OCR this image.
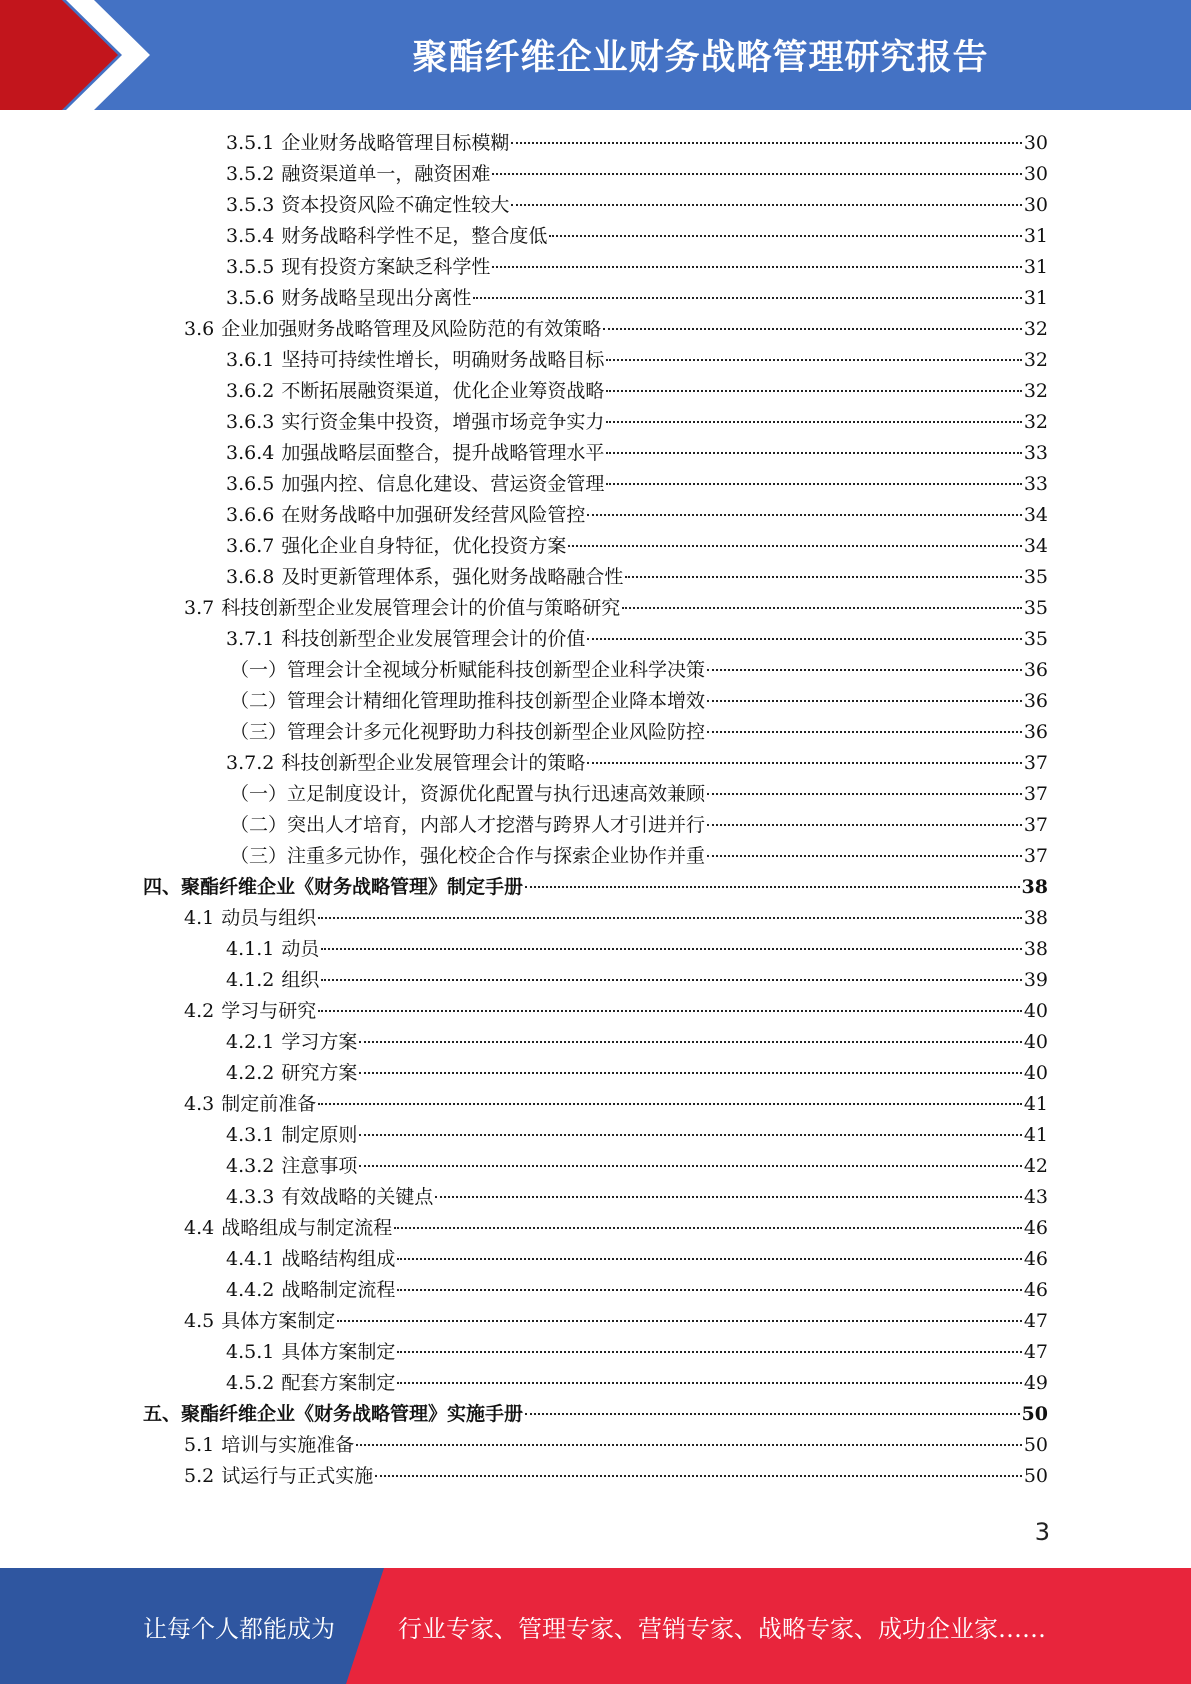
聚酯纤维企业财务战略管理研究报告
3.5.1 企业财务战略管理目标模糊	30
3.5.2 融资渠道单一，融资困难	30
3.5.3 资本投资风险不确定性较大	30
3.5.4 财务战略科学性不足，整合度低	31
3.5.5 现有投资方案缺乏科学性	31
3.5.6 财务战略呈现出分离性	31
3.6 企业加强财务战略管理及风险防范的有效策略	32
3.6.1 坚持可持续性增长，明确财务战略目标	32
3.6.2 不断拓展融资渠道，优化企业筹资战略	32
3.6.3 实行资金集中投资，增强市场竞争实力	32
3.6.4 加强战略层面整合，提升战略管理水平	33
3.6.5 加强内控、信息化建设、营运资金管理	33
3.6.6 在财务战略中加强研发经营风险管控	34
3.6.7 强化企业自身特征，优化投资方案	34
3.6.8 及时更新管理体系，强化财务战略融合性	35
3.7 科技创新型企业发展管理会计的价值与策略研究	35
3.7.1 科技创新型企业发展管理会计的价值	35
（一）管理会计全视域分析赋能科技创新型企业科学决策	36
（二）管理会计精细化管理助推科技创新型企业降本增效	36
（三）管理会计多元化视野助力科技创新型企业风险防控	36
3.7.2 科技创新型企业发展管理会计的策略	37
（一）立足制度设计，资源优化配置与执行迅速高效兼顾	37
（二）突出人才培育，内部人才挖潜与跨界人才引进并行	37
（三）注重多元协作，强化校企合作与探索企业协作并重	37
四、聚酯纤维企业《财务战略管理》制定手册	38
4.1 动员与组织	38
4.1.1 动员	38
4.1.2 组织	39
4.2 学习与研究	40
4.2.1 学习方案	40
4.2.2 研究方案	40
4.3 制定前准备	41
4.3.1 制定原则	41
4.3.2 注意事项	42
4.3.3 有效战略的关键点	43
4.4 战略组成与制定流程	46
4.4.1 战略结构组成	46
4.4.2 战略制定流程	46
4.5 具体方案制定	47
4.5.1 具体方案制定	47
4.5.2 配套方案制定	49
五、聚酯纤维企业《财务战略管理》实施手册	50
5.1 培训与实施准备	50
5.2 试运行与正式实施	50
3
让每个人都能成为	行业专家、管理专家、营销专家、战略专家、成功企业家……
